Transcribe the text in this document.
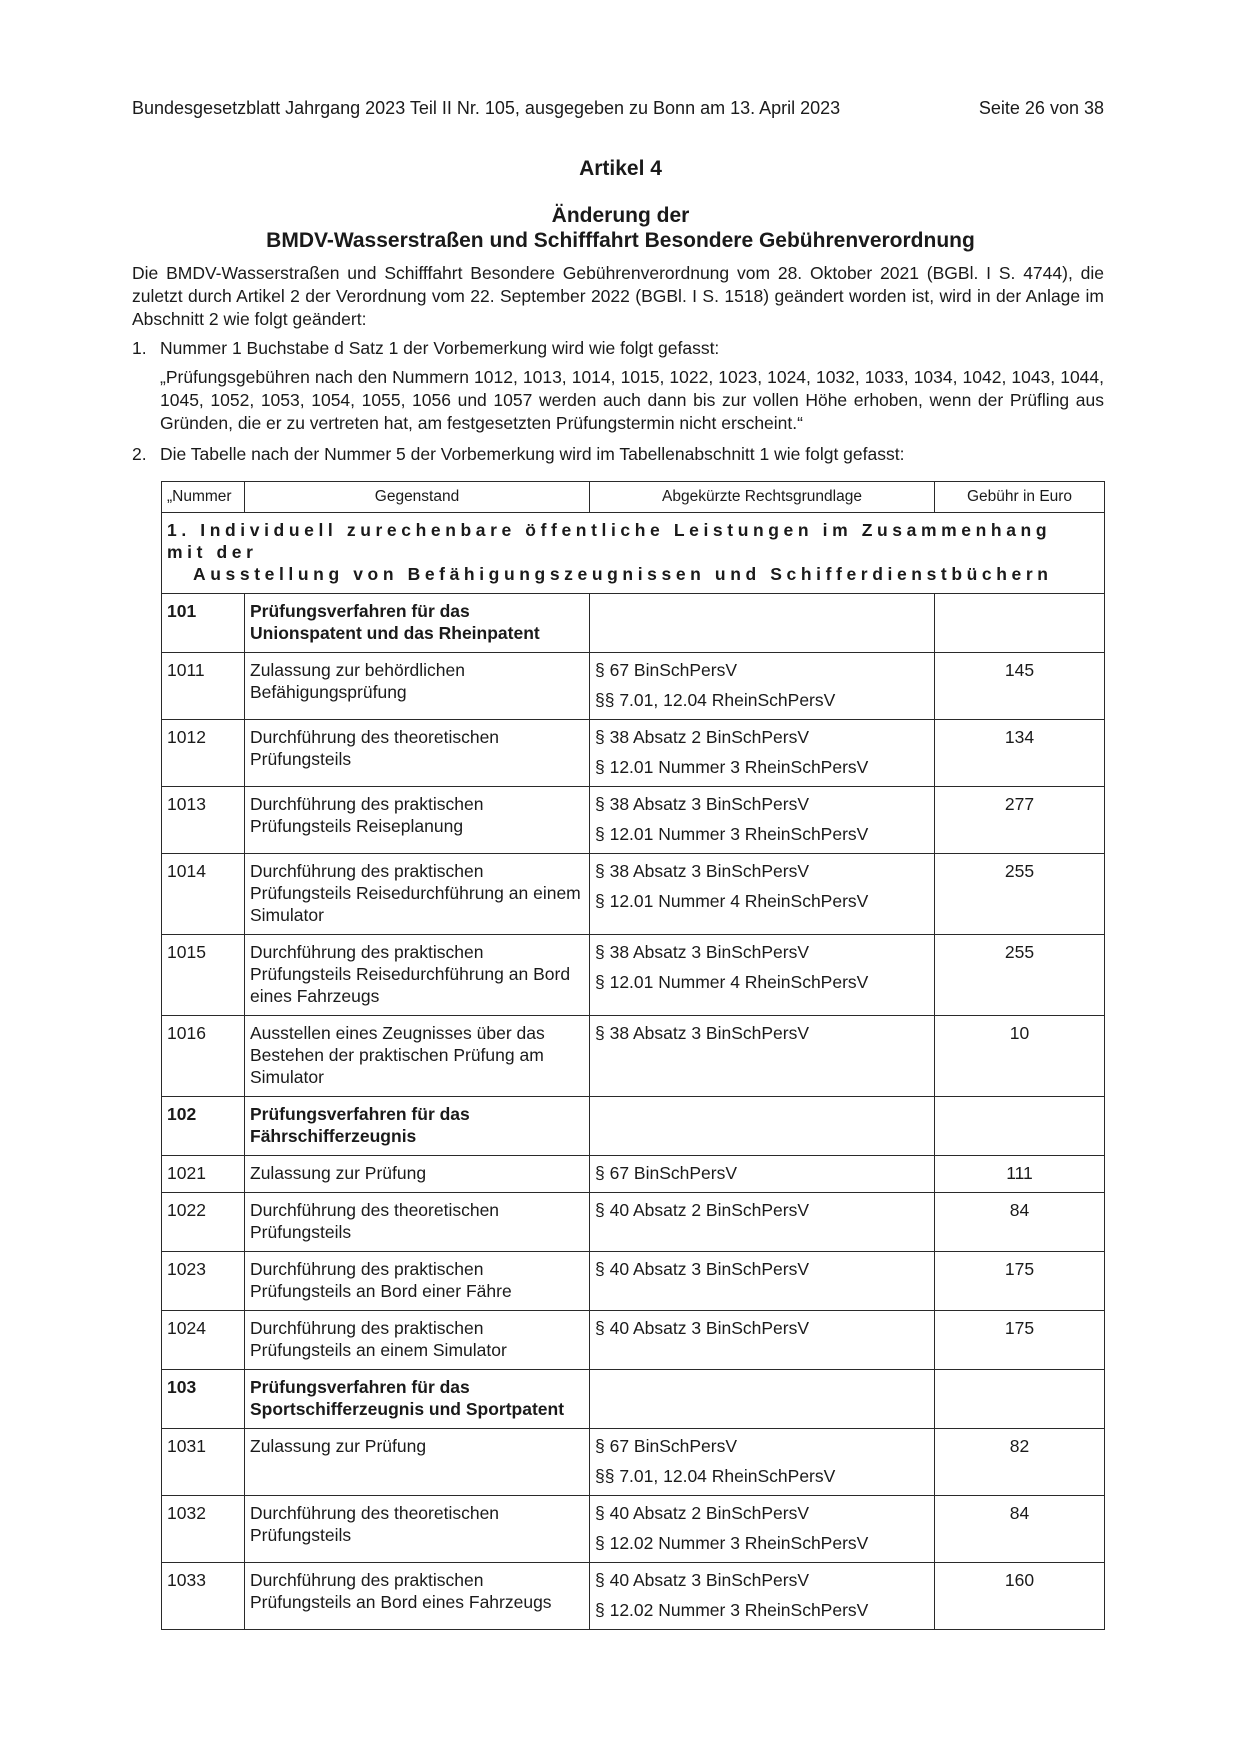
Bundesgesetzblatt Jahrgang 2023 Teil II Nr. 105, ausgegeben zu Bonn am 13. April 2023	Seite 26 von 38
Artikel 4
Änderung der
BMDV-Wasserstraßen und Schifffahrt Besondere Gebührenverordnung
Die BMDV-Wasserstraßen und Schifffahrt Besondere Gebührenverordnung vom 28. Oktober 2021 (BGBl. I S. 4744), die zuletzt durch Artikel 2 der Verordnung vom 22. September 2022 (BGBl. I S. 1518) geändert worden ist, wird in der Anlage im Abschnitt 2 wie folgt geändert:
1. Nummer 1 Buchstabe d Satz 1 der Vorbemerkung wird wie folgt gefasst:
„Prüfungsgebühren nach den Nummern 1012, 1013, 1014, 1015, 1022, 1023, 1024, 1032, 1033, 1034, 1042, 1043, 1044, 1045, 1052, 1053, 1054, 1055, 1056 und 1057 werden auch dann bis zur vollen Höhe erhoben, wenn der Prüfling aus Gründen, die er zu vertreten hat, am festgesetzten Prüfungstermin nicht erscheint.“
2. Die Tabelle nach der Nummer 5 der Vorbemerkung wird im Tabellenabschnitt 1 wie folgt gefasst:
„Nummer	Gegenstand	Abgekürzte Rechtsgrundlage	Gebühr in Euro
1. Individuell zurechenbare öffentliche Leistungen im Zusammenhang mit der
Ausstellung von Befähigungszeugnissen und Schifferdienstbüchern			

101	Prüfungsverfahren für das Unionspatent und das Rheinpatent		
1011	Zulassung zur behördlichen Befähigungsprüfung	§ 67 BinSchPersV
§§ 7.01, 12.04 RheinSchPersV	145
1012	Durchführung des theoretischen Prüfungsteils	§ 38 Absatz 2 BinSchPersV
§ 12.01 Nummer 3 RheinSchPersV	134
1013	Durchführung des praktischen Prüfungsteils Reiseplanung	§ 38 Absatz 3 BinSchPersV
§ 12.01 Nummer 3 RheinSchPersV	277
1014	Durchführung des praktischen Prüfungsteils Reisedurchführung an einem Simulator	§ 38 Absatz 3 BinSchPersV
§ 12.01 Nummer 4 RheinSchPersV	255
1015	Durchführung des praktischen Prüfungsteils Reisedurchführung an Bord eines Fahrzeugs	§ 38 Absatz 3 BinSchPersV
§ 12.01 Nummer 4 RheinSchPersV	255
1016	Ausstellen eines Zeugnisses über das Bestehen der praktischen Prüfung am Simulator	§ 38 Absatz 3 BinSchPersV	10
102	Prüfungsverfahren für das Fährschifferzeugnis		
1021	Zulassung zur Prüfung	§ 67 BinSchPersV	111
1022	Durchführung des theoretischen Prüfungsteils	§ 40 Absatz 2 BinSchPersV	84
1023	Durchführung des praktischen Prüfungsteils an Bord einer Fähre	§ 40 Absatz 3 BinSchPersV	175
1024	Durchführung des praktischen Prüfungsteils an einem Simulator	§ 40 Absatz 3 BinSchPersV	175
103	Prüfungsverfahren für das Sportschifferzeugnis und Sportpatent		
1031	Zulassung zur Prüfung	§ 67 BinSchPersV
§§ 7.01, 12.04 RheinSchPersV	82
1032	Durchführung des theoretischen Prüfungsteils	§ 40 Absatz 2 BinSchPersV
§ 12.02 Nummer 3 RheinSchPersV	84
1033	Durchführung des praktischen Prüfungsteils an Bord eines Fahrzeugs	§ 40 Absatz 3 BinSchPersV
§ 12.02 Nummer 3 RheinSchPersV	160
